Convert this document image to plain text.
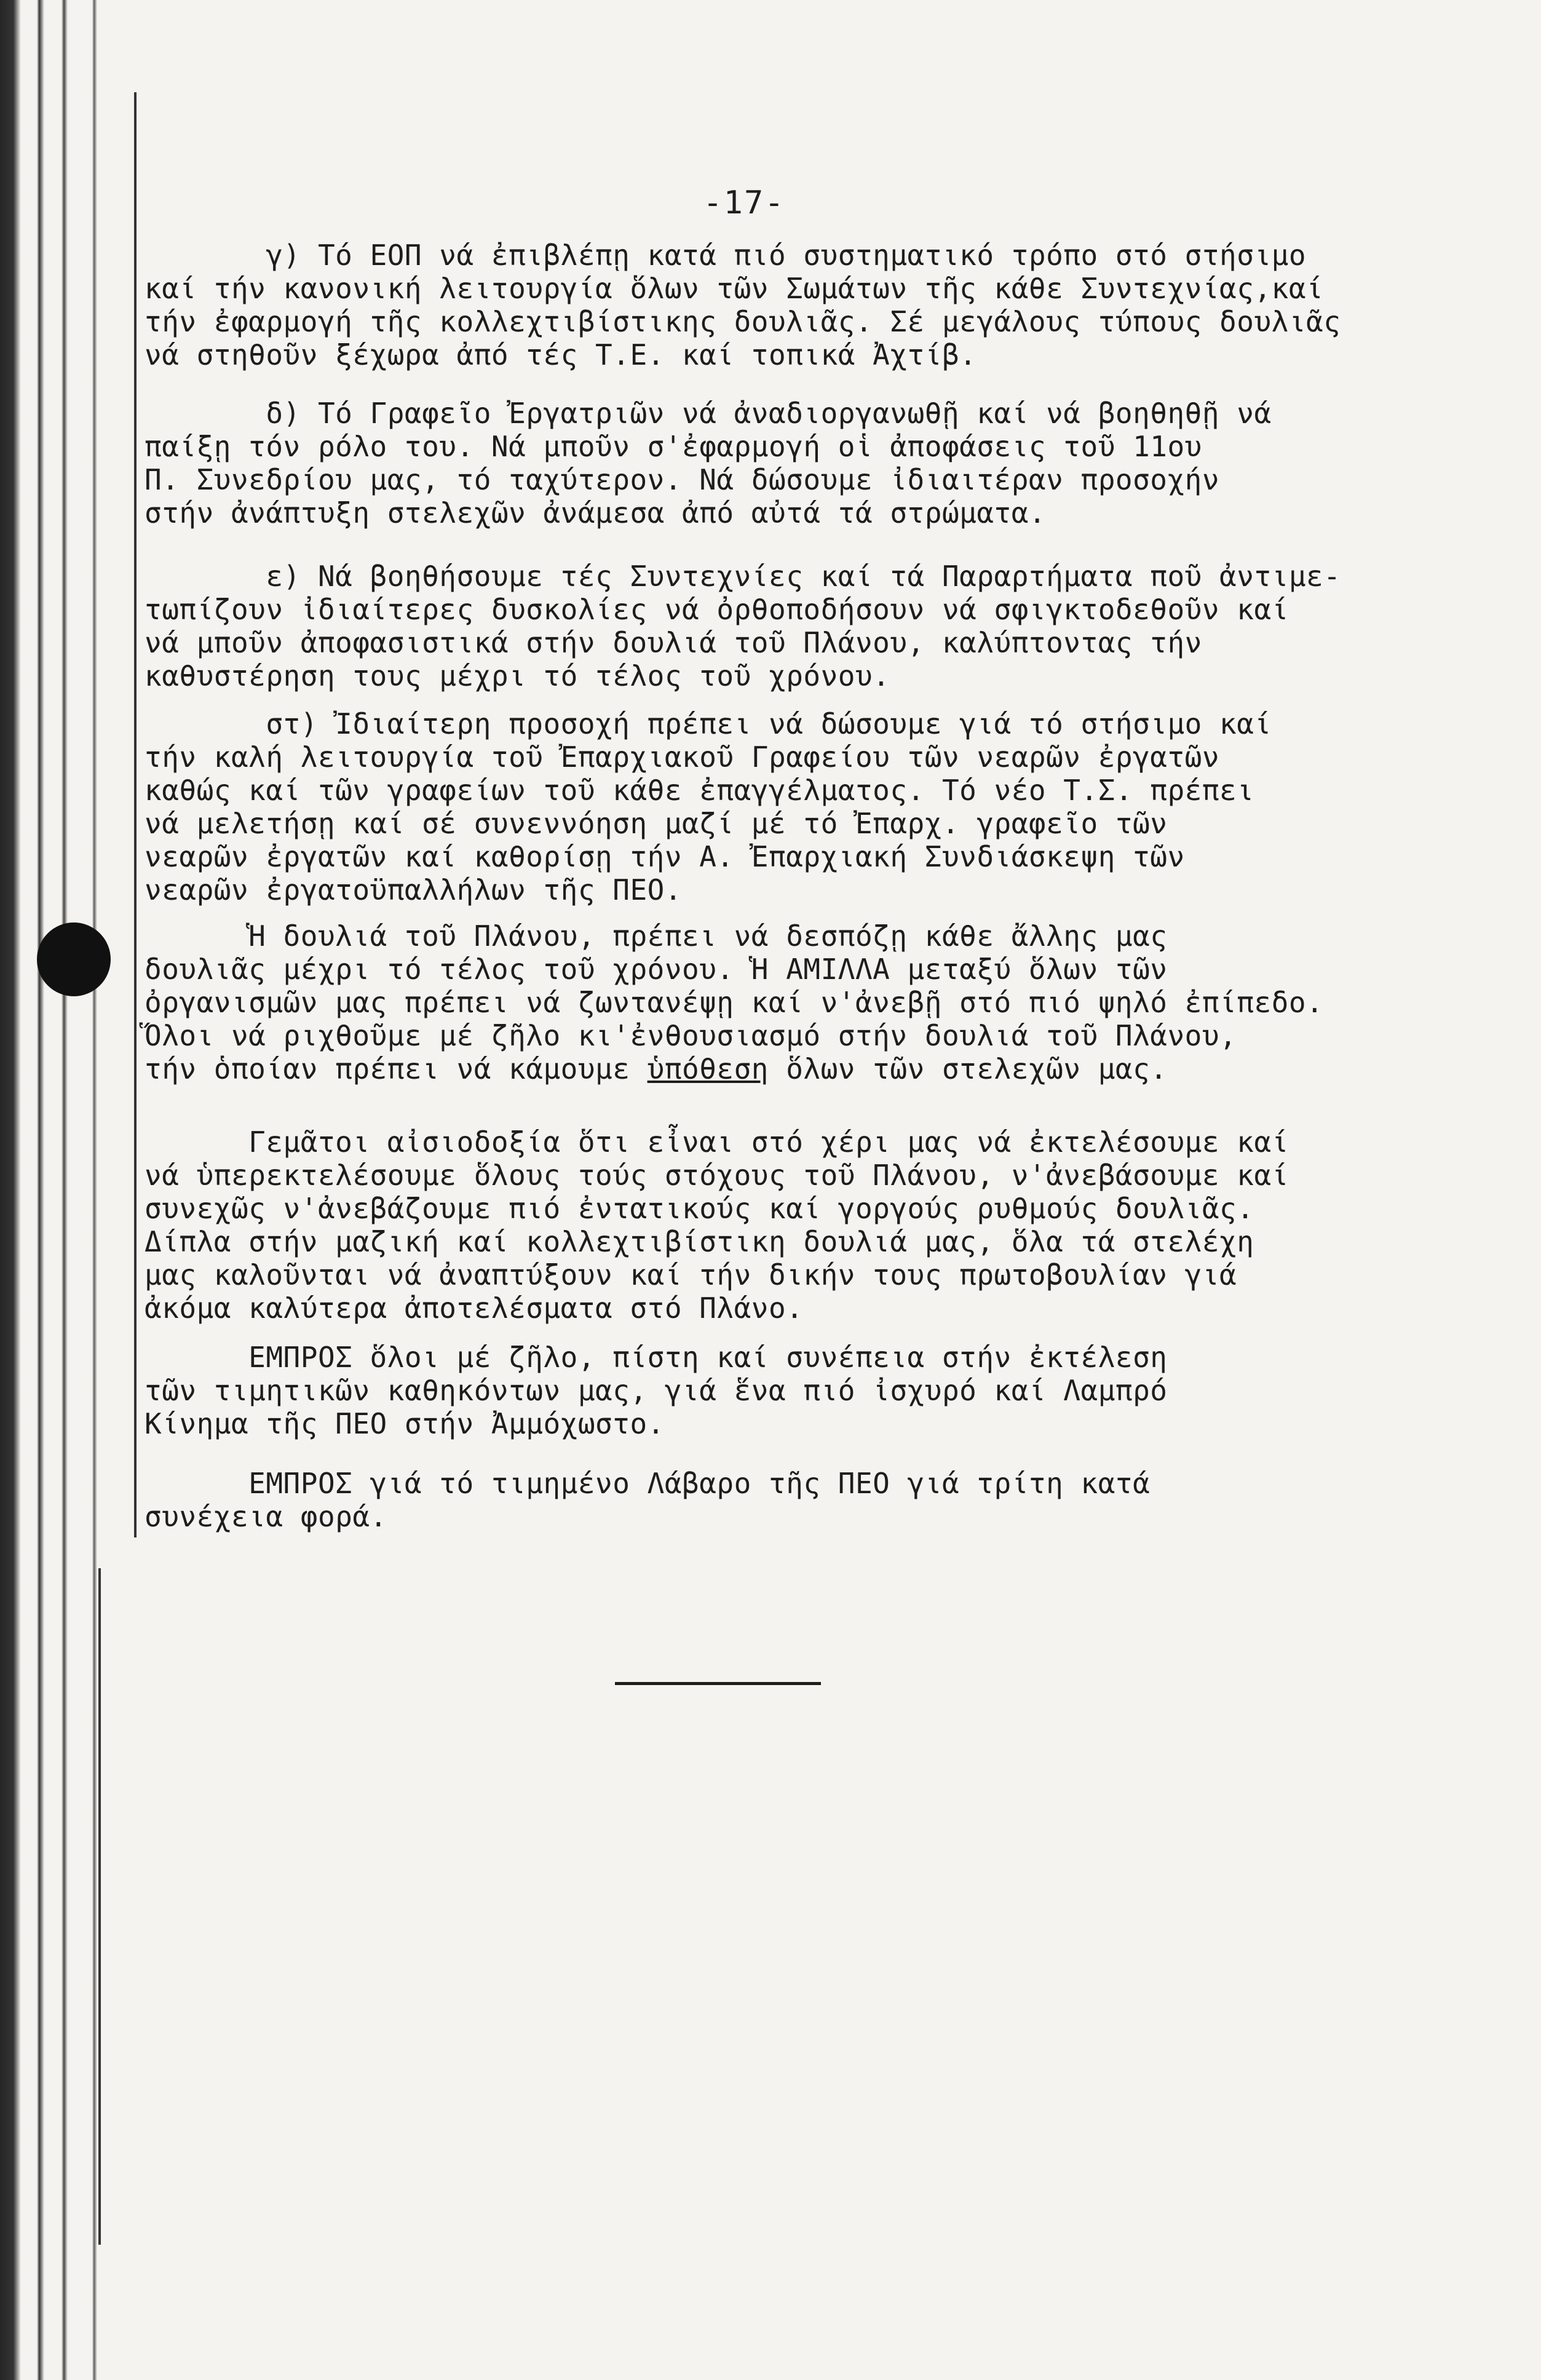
-17-
γ) Τό ΕΟΠ νά ἐπιβλέπῃ κατά πιό συστηματικό τρόπο στό στήσιμο
καί τήν κανονική λειτουργία ὅλων τῶν Σωμάτων τῆς κάθε Συντεχνίας,καί
τήν ἐφαρμογή τῆς κολλεχτιβίστικης δουλιᾶς. Σέ μεγάλους τύπους δουλιᾶς
νά στηθοῦν ξέχωρα ἀπό τές Τ.Ε. καί τοπικά Ἀχτίβ.
δ) Τό Γραφεῖο Ἐργατριῶν νά ἀναδιοργανωθῇ καί νά βοηθηθῇ νά
παίξῃ τόν ρόλο του. Νά μποῦν σ'ἐφαρμογή οἱ ἀποφάσεις τοῦ 11ου
Π. Συνεδρίου μας, τό ταχύτερον. Νά δώσουμε ἰδιαιτέραν προσοχήν
στήν ἀνάπτυξη στελεχῶν ἀνάμεσα ἀπό αὐτά τά στρώματα.
ε) Νά βοηθήσουμε τές Συντεχνίες καί τά Παραρτήματα ποῦ ἀντιμε-
τωπίζουν ἰδιαίτερες δυσκολίες νά ὀρθοποδήσουν νά σφιγκτοδεθοῦν καί
νά μποῦν ἀποφασιστικά στήν δουλιά τοῦ Πλάνου, καλύπτοντας τήν
καθυστέρηση τους μέχρι τό τέλος τοῦ χρόνου.
στ) Ἰδιαίτερη προσοχή πρέπει νά δώσουμε γιά τό στήσιμο καί
τήν καλή λειτουργία τοῦ Ἐπαρχιακοῦ Γραφείου τῶν νεαρῶν ἐργατῶν
καθώς καί τῶν γραφείων τοῦ κάθε ἐπαγγέλματος. Τό νέο Τ.Σ. πρέπει
νά μελετήσῃ καί σέ συνεννόηση μαζί μέ τό Ἐπαρχ. γραφεῖο τῶν
νεαρῶν ἐργατῶν καί καθορίσῃ τήν Α. Ἐπαρχιακή Συνδιάσκεψη τῶν
νεαρῶν ἐργατοϋπαλλήλων τῆς ΠΕΟ.
Ἡ δουλιά τοῦ Πλάνου, πρέπει νά δεσπόζῃ κάθε ἄλλης μας
δουλιᾶς μέχρι τό τέλος τοῦ χρόνου. Ἡ ΑΜΙΛΛΑ μεταξύ ὅλων τῶν
ὀργανισμῶν μας πρέπει νά ζωντανέψῃ καί ν'ἀνεβῇ στό πιό ψηλό ἐπίπεδο.
Ὅλοι νά ριχθοῦμε μέ ζῆλο κι'ἐνθουσιασμό στήν δουλιά τοῦ Πλάνου,
τήν ὁποίαν πρέπει νά κάμουμε ὑπόθεση ὅλων τῶν στελεχῶν μας.
Γεμᾶτοι αἰσιοδοξία ὅτι εἶναι στό χέρι μας νά ἐκτελέσουμε καί
νά ὑπερεκτελέσουμε ὅλους τούς στόχους τοῦ Πλάνου, ν'ἀνεβάσουμε καί
συνεχῶς ν'ἀνεβάζουμε πιό ἐντατικούς καί γοργούς ρυθμούς δουλιᾶς.
Δίπλα στήν μαζική καί κολλεχτιβίστικη δουλιά μας, ὅλα τά στελέχη
μας καλοῦνται νά ἀναπτύξουν καί τήν δικήν τους πρωτοβουλίαν γιά
ἀκόμα καλύτερα ἀποτελέσματα στό Πλάνο.
ΕΜΠΡΟΣ ὅλοι μέ ζῆλο, πίστη καί συνέπεια στήν ἐκτέλεση
τῶν τιμητικῶν καθηκόντων μας, γιά ἕνα πιό ἰσχυρό καί Λαμπρό
Κίνημα τῆς ΠΕΟ στήν Ἀμμόχωστο.
ΕΜΠΡΟΣ γιά τό τιμημένο Λάβαρο τῆς ΠΕΟ γιά τρίτη κατά
συνέχεια φορά.
